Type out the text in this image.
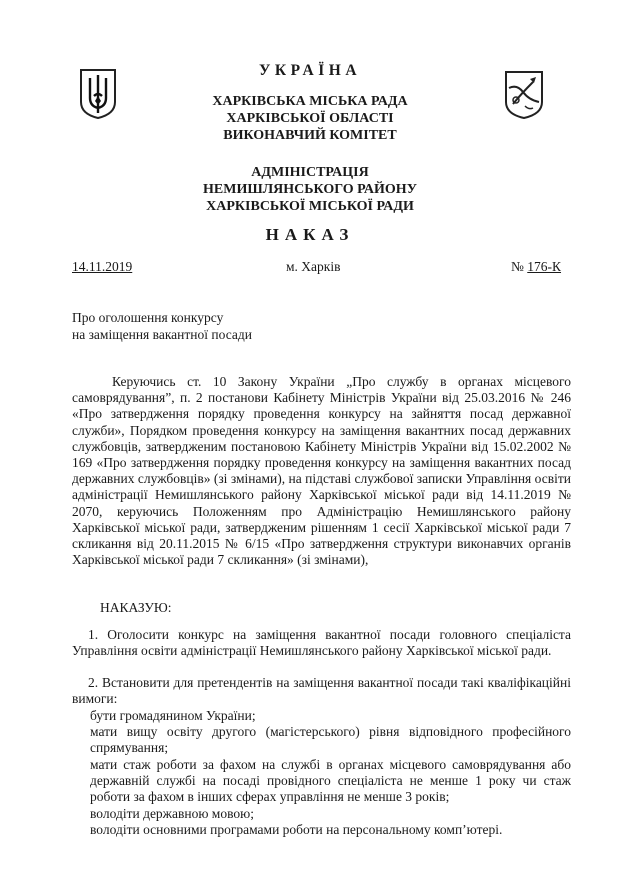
УКРАЇНА
ХАРКІВСЬКА МІСЬКА РАДА
ХАРКІВСЬКОЇ ОБЛАСТІ
ВИКОНАВЧИЙ КОМІТЕТ
АДМІНІСТРАЦІЯ
НЕМИШЛЯНСЬКОГО РАЙОНУ
ХАРКІВСЬКОЇ МІСЬКОЇ РАДИ
НАКАЗ
14.11.2019	м. Харків	№ 176-К
Про оголошення конкурсу
на заміщення вакантної посади
Керуючись ст. 10 Закону України „Про службу в органах місцевого самоврядування”, п. 2 постанови Кабінету Міністрів України від 25.03.2016 № 246 «Про затвердження порядку проведення конкурсу на зайняття посад державної служби», Порядком проведення конкурсу на заміщення вакантних посад державних службовців, затвердженим постановою Кабінету Міністрів України від 15.02.2002 № 169 «Про затвердження порядку проведення конкурсу на заміщення вакантних посад державних службовців» (зі змінами), на підставі службової записки Управління освіти адміністрації Немишлянського району Харківської міської ради від 14.11.2019 № 2070, керуючись Положенням про Адміністрацію Немишлянського району Харківської міської ради, затвердженим рішенням 1 сесії Харківської міської ради 7 скликання від 20.11.2015 № 6/15 «Про затвердження структури виконавчих органів Харківської міської ради 7 скликання» (зі змінами),
НАКАЗУЮ:
1. Оголосити конкурс на заміщення вакантної посади головного спеціаліста Управління освіти адміністрації Немишлянського району Харківської міської ради.
2. Встановити для претендентів на заміщення вакантної посади такі кваліфікаційні вимоги:
бути громадянином України;
мати вищу освіту другого (магістерського) рівня відповідного професійного спрямування;
мати стаж роботи за фахом на службі в органах місцевого самоврядування або державній службі на посаді провідного спеціаліста не менше 1 року чи стаж роботи за фахом в інших сферах управління не менше 3 років;
володіти державною мовою;
володіти основними програмами роботи на персональному комп’ютері.
